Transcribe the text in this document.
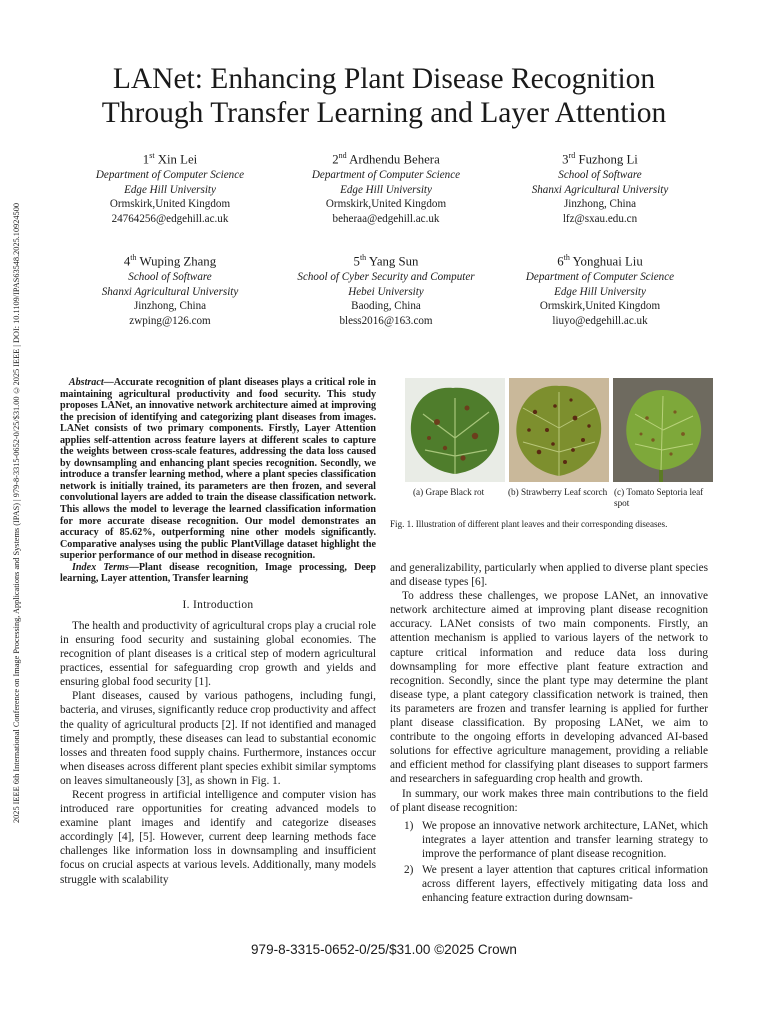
2025 IEEE 6th International Conference on Image Processing, Applications and Systems (IPAS) | 979-8-3315-0652-0/25/$31.00 ©2025 IEEE | DOI: 10.1109/IPAS63548.2025.10924500
LANet: Enhancing Plant Disease Recognition
Through Transfer Learning and Layer Attention
1st Xin Lei
Department of Computer Science
Edge Hill University
Ormskirk,United Kingdom
24764256@edgehill.ac.uk
2nd Ardhendu Behera
Department of Computer Science
Edge Hill University
Ormskirk,United Kingdom
beheraa@edgehill.ac.uk
3rd Fuzhong Li
School of Software
Shanxi Agricultural University
Jinzhong, China
lfz@sxau.edu.cn
4th Wuping Zhang
School of Software
Shanxi Agricultural University
Jinzhong, China
zwping@126.com
5th Yang Sun
School of Cyber Security and Computer
Hebei University
Baoding, China
bless2016@163.com
6th Yonghuai Liu
Department of Computer Science
Edge Hill University
Ormskirk,United Kingdom
liuyo@edgehill.ac.uk

Abstract—Accurate recognition of plant diseases plays a critical role in maintaining agricultural productivity and food security. This study proposes LANet, an innovative network architecture aimed at improving the precision of identifying and categorizing plant diseases from images. LANet consists of two primary components. Firstly, Layer Attention applies self-attention across feature layers at different scales to capture the weights between cross-scale features, addressing the data loss caused by downsampling and enhancing plant species recognition. Secondly, we introduce a transfer learning method, where a plant species classification network is initially trained, its parameters are then frozen, and several convolutional layers are added to train the disease classification network. This allows the model to leverage the learned classification information for more accurate disease recognition. Our model demonstrates an accuracy of 85.62%, outperforming nine other models significantly. Comparative analyses using the public PlantVillage dataset highlight the superior performance of our method in disease recognition.

Index Terms—Plant disease recognition, Image processing, Deep learning, Layer attention, Transfer learning

I. Introduction

The health and productivity of agricultural crops play a crucial role in ensuring food security and sustaining global economies. The recognition of plant diseases is a critical step of modern agricultural practices, essential for safeguarding crop growth and yields and ensuring global food security [1].

Plant diseases, caused by various pathogens, including fungi, bacteria, and viruses, significantly reduce crop productivity and affect the quality of agricultural products [2]. If not identified and managed timely and promptly, these diseases can lead to substantial economic losses and threaten food supply chains. Furthermore, instances occur when diseases across different plant species exhibit similar symptoms on leaves simultaneously [3], as shown in Fig. 1.

Recent progress in artificial intelligence and computer vision has introduced rare opportunities for creating advanced models to examine plant images and identify and categorize diseases accordingly [4], [5]. However, current deep learning methods face challenges like information loss in downsampling and insufficient focus on crucial aspects at various levels. Additionally, many models struggle with scalability

(a) Grape Black rot	(b) Strawberry Leaf scorch (c) Tomato Septoria leaf spot
Fig. 1. Illustration of different plant leaves and their corresponding diseases.

and generalizability, particularly when applied to diverse plant species and disease types [6].

To address these challenges, we propose LANet, an innovative network architecture aimed at improving plant disease recognition accuracy. LANet consists of two main components. Firstly, an attention mechanism is applied to various layers of the network to capture critical information and reduce data loss during downsampling for more effective plant feature extraction and recognition. Secondly, since the plant type may determine the plant disease type, a plant category classification network is trained, then its parameters are frozen and transfer learning is applied for further plant disease classification. By proposing LANet, we aim to contribute to the ongoing efforts in developing advanced AI-based solutions for effective agriculture management, providing a reliable and efficient method for classifying plant diseases to support farmers and researchers in safeguarding crop health and growth.

In summary, our work makes three main contributions to the field of plant disease recognition:

1) We propose an innovative network architecture, LANet, which integrates a layer attention and transfer learning strategy to improve the performance of plant disease recognition.
2) We present a layer attention that captures critical information across different layers, effectively mitigating data loss and enhancing feature extraction during downsam-
979-8-3315-0652-0/25/$31.00 ©2025 Crown
